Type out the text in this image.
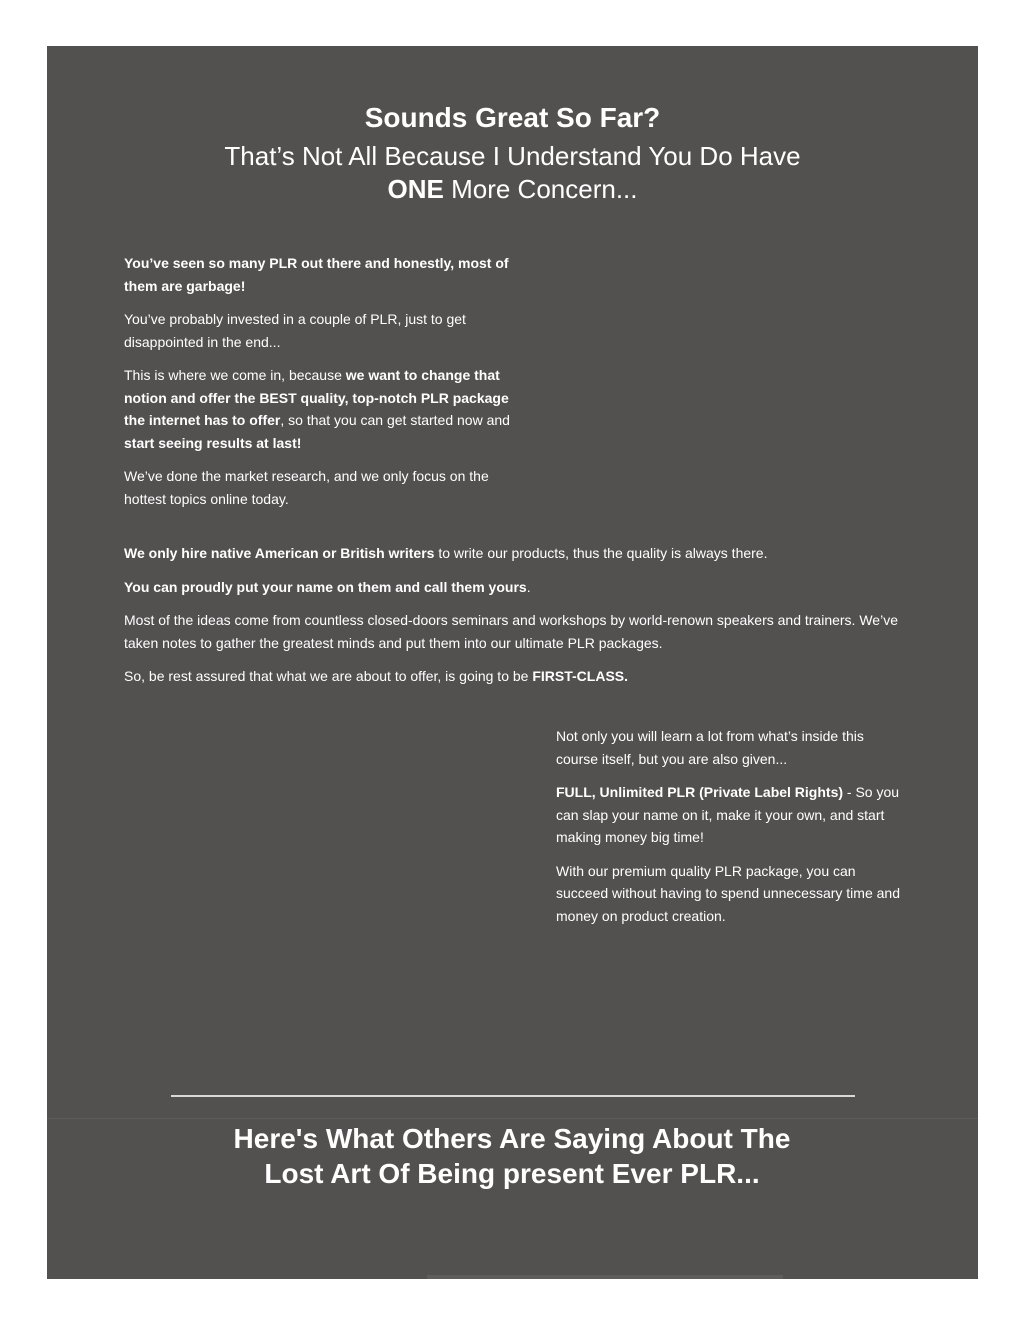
Sounds Great So Far?
That’s Not All Because I Understand You Do Have
ONE More Concern...

You’ve seen so many PLR out there and honestly, most of them are garbage!

You’ve probably invested in a couple of PLR, just to get disappointed in the end...

This is where we come in, because we want to change that notion and offer the BEST quality, top-notch PLR package the internet has to offer, so that you can get started now and start seeing results at last!

We’ve done the market research, and we only focus on the hottest topics online today.

We only hire native American or British writers to write our products, thus the quality is always there.

You can proudly put your name on them and call them yours.

Most of the ideas come from countless closed-doors seminars and workshops by world-renown speakers and trainers. We’ve taken notes to gather the greatest minds and put them into our ultimate PLR packages.

So, be rest assured that what we are about to offer, is going to be FIRST-CLASS.

Not only you will learn a lot from what’s inside this course itself, but you are also given...

FULL, Unlimited PLR (Private Label Rights) - So you can slap your name on it, make it your own, and start making money big time!

With our premium quality PLR package, you can succeed without having to spend unnecessary time and money on product creation.

Here's What Others Are Saying About The Lost Art Of Being present Ever PLR...
